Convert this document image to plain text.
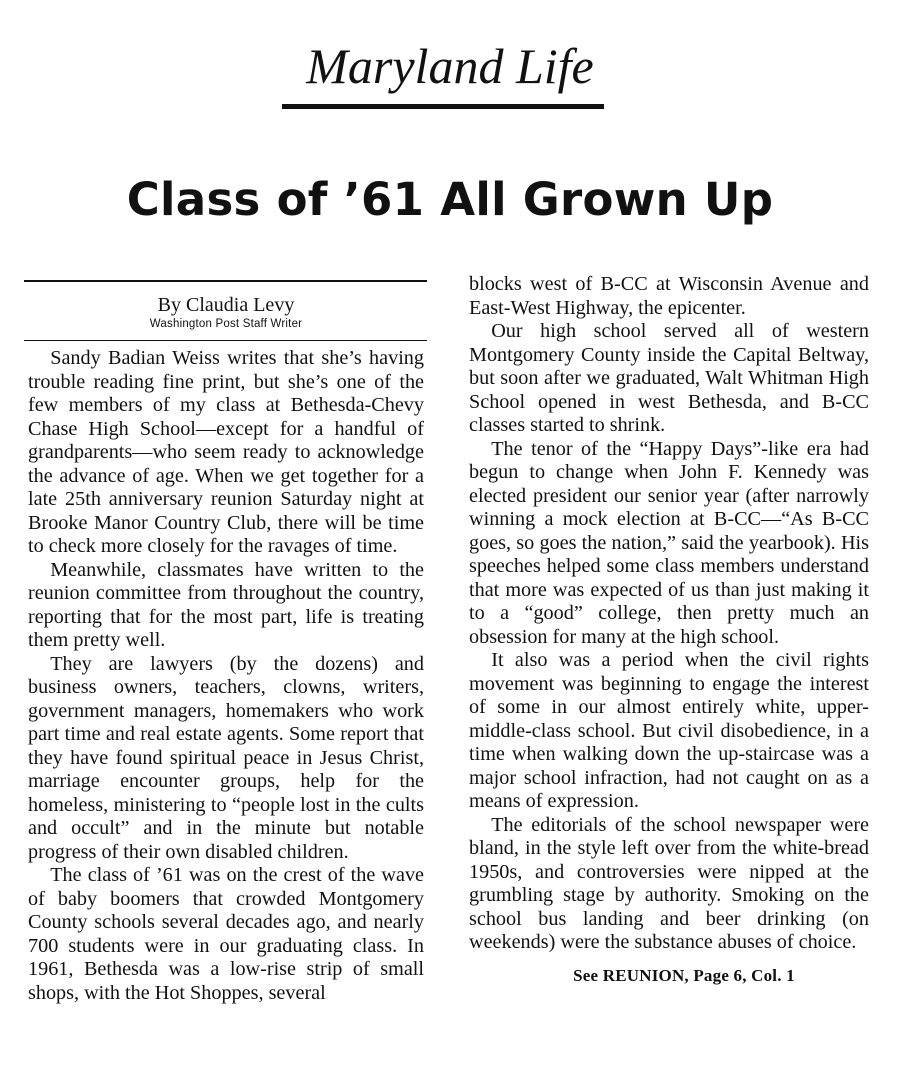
Maryland Life
Class of ’61 All Grown Up
By Claudia Levy
Washington Post Staff Writer

Sandy Badian Weiss writes that she’s having trouble reading fine print, but she’s one of the few members of my class at Bethesda-Chevy Chase High School—except for a handful of grandparents—who seem ready to acknowledge the advance of age. When we get together for a late 25th anniversary reunion Saturday night at Brooke Manor Country Club, there will be time to check more closely for the ravages of time.

Meanwhile, classmates have written to the reunion committee from throughout the country, reporting that for the most part, life is treating them pretty well.

They are lawyers (by the dozens) and business owners, teachers, clowns, writers, government managers, homemakers who work part time and real estate agents. Some report that they have found spiritual peace in Jesus Christ, marriage encounter groups, help for the homeless, ministering to “people lost in the cults and occult” and in the minute but notable progress of their own disabled children.

The class of ’61 was on the crest of the wave of baby boomers that crowded Montgomery County schools several decades ago, and nearly 700 students were in our graduating class. In 1961, Bethesda was a low-rise strip of small shops, with the Hot Shoppes, several

blocks west of B-CC at Wisconsin Avenue and East-West Highway, the epicenter.

Our high school served all of western Montgomery County inside the Capital Beltway, but soon after we graduated, Walt Whitman High School opened in west Bethesda, and B-CC classes started to shrink.

The tenor of the “Happy Days”-like era had begun to change when John F. Kennedy was elected president our senior year (after narrowly winning a mock election at B-CC—“As B-CC goes, so goes the nation,” said the yearbook). His speeches helped some class members understand that more was expected of us than just making it to a “good” college, then pretty much an obsession for many at the high school.

It also was a period when the civil rights movement was beginning to engage the interest of some in our almost entirely white, upper-middle-class school. But civil disobedience, in a time when walking down the up-staircase was a major school infraction, had not caught on as a means of expression.

The editorials of the school newspaper were bland, in the style left over from the white-bread 1950s, and controversies were nipped at the grumbling stage by authority. Smoking on the school bus landing and beer drinking (on weekends) were the substance abuses of choice.

See REUNION, Page 6, Col. 1
